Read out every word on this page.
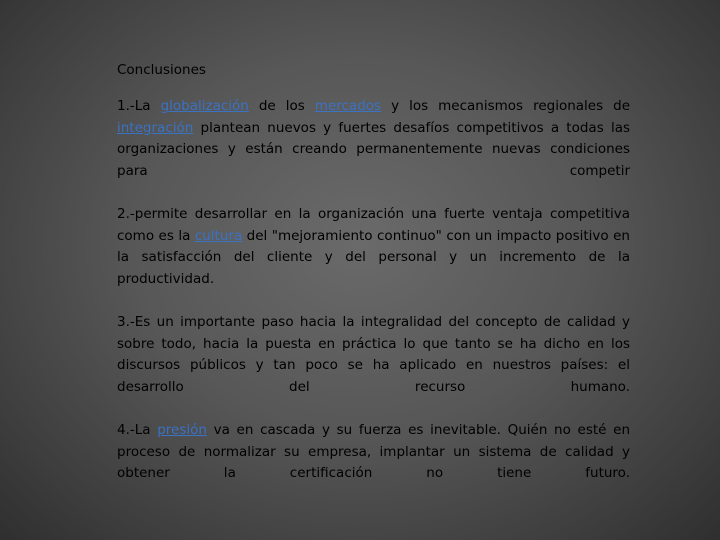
Conclusiones

1.-La globalización de los mercados y los mecanismos regionales de integración plantean nuevos y fuertes desafíos competitivos a todas las organizaciones y están creando permanentemente nuevas condiciones para competir

2.-permite desarrollar en la organización una fuerte ventaja competitiva como es la cultura del "mejoramiento continuo" con un impacto positivo en la satisfacción del cliente y del personal y un incremento de la productividad.

3.-Es un importante paso hacia la integralidad del concepto de calidad y sobre todo, hacia la puesta en práctica lo que tanto se ha dicho en los discursos públicos y tan poco se ha aplicado en nuestros países: el desarrollo del recurso humano.

4.-La presión va en cascada y su fuerza es inevitable. Quién no esté en proceso de normalizar su empresa, implantar un sistema de calidad y obtener la certificación no tiene futuro.
